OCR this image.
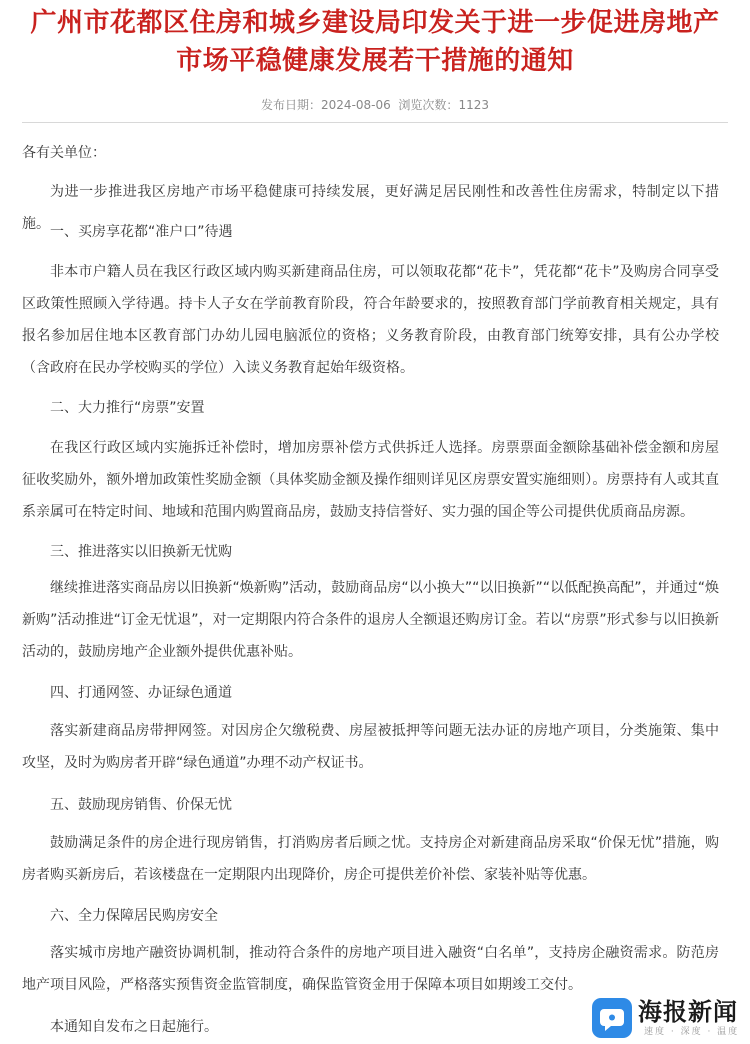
广州市花都区住房和城乡建设局印发关于进一步促进房地产市场平稳健康发展若干措施的通知
发布日期：2024-08-06 浏览次数：1123
各有关单位：

为进一步推进我区房地产市场平稳健康可持续发展，更好满足居民刚性和改善性住房需求，特制定以下措施。 一、买房享花都“准户口”待遇

非本市户籍人员在我区行政区域内购买新建商品住房，可以领取花都“花卡”，凭花都“花卡”及购房合同享受区政策性照顾入学待遇。持卡人子女在学前教育阶段，符合年龄要求的，按照教育部门学前教育相关规定，具有报名参加居住地本区教育部门办幼儿园电脑派位的资格；义务教育阶段，由教育部门统筹安排，具有公办学校（含政府在民办学校购买的学位）入读义务教育起始年级资格。

二、大力推行“房票”安置

在我区行政区域内实施拆迁补偿时，增加房票补偿方式供拆迁人选择。房票票面金额除基础补偿金额和房屋征收奖励外，额外增加政策性奖励金额（具体奖励金额及操作细则详见区房票安置实施细则）。房票持有人或其直系亲属可在特定时间、地域和范围内购置商品房，鼓励支持信誉好、实力强的国企等公司提供优质商品房源。

三、推进落实以旧换新无忧购

继续推进落实商品房以旧换新“焕新购”活动，鼓励商品房“以小换大”“以旧换新”“以低配换高配”，并通过“焕新购”活动推进“订金无忧退”，对一定期限内符合条件的退房人全额退还购房订金。若以“房票”形式参与以旧换新活动的，鼓励房地产企业额外提供优惠补贴。

四、打通网签、办证绿色通道

落实新建商品房带押网签。对因房企欠缴税费、房屋被抵押等问题无法办证的房地产项目，分类施策、集中攻坚，及时为购房者开辟“绿色通道”办理不动产权证书。

五、鼓励现房销售、价保无忧

鼓励满足条件的房企进行现房销售，打消购房者后顾之忧。支持房企对新建商品房采取“价保无忧”措施，购房者购买新房后，若该楼盘在一定期限内出现降价，房企可提供差价补偿、家装补贴等优惠。

六、全力保障居民购房安全

落实城市房地产融资协调机制，推动符合条件的房地产项目进入融资“白名单”，支持房企融资需求。防范房地产项目风险，严格落实预售资金监管制度，确保监管资金用于保障本项目如期竣工交付。

本通知自发布之日起施行。

海报新闻
速度 · 深度 · 温度
